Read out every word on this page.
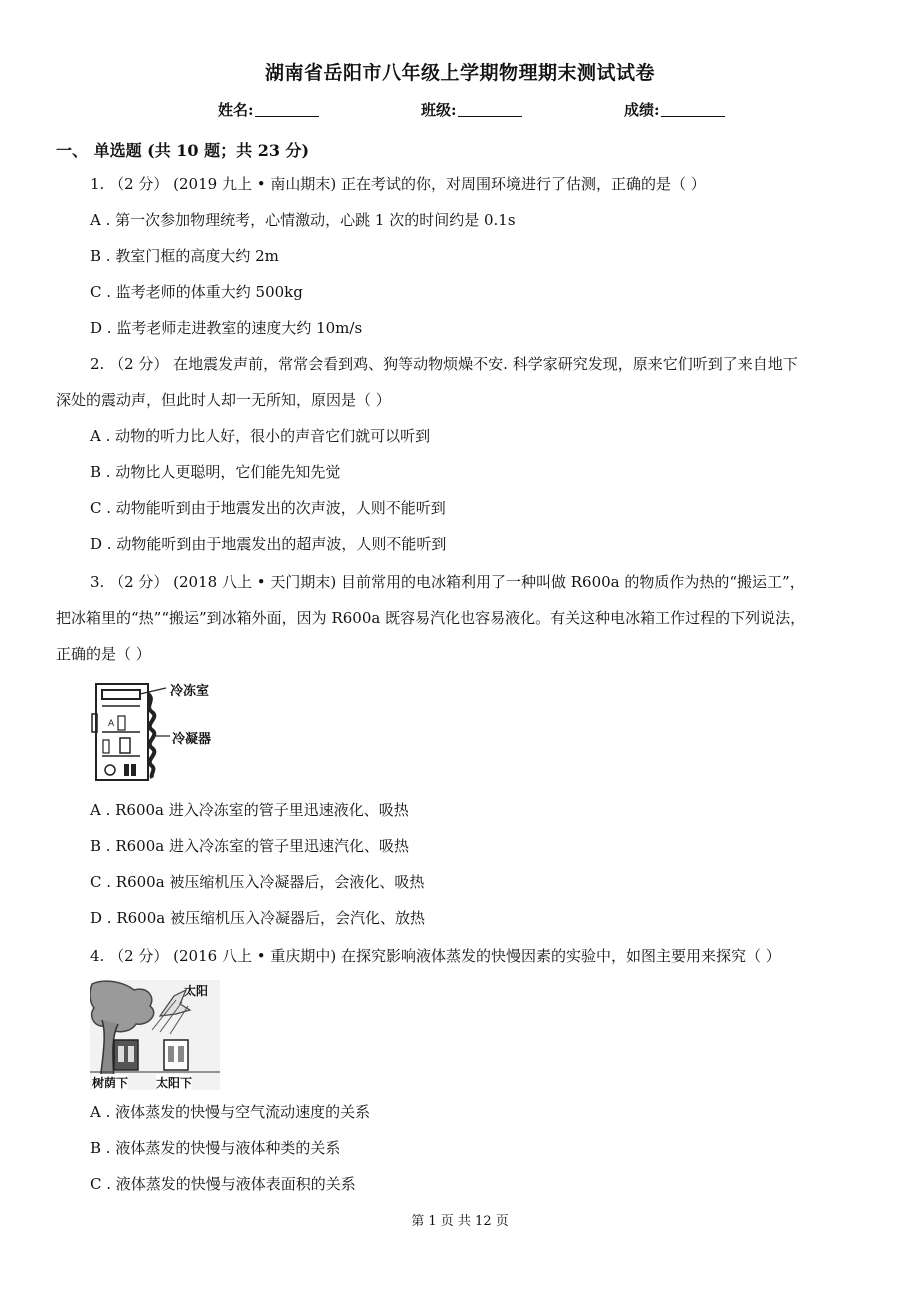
湖南省岳阳市八年级上学期物理期末测试试卷
姓名:	班级:	成绩:
一、 单选题 (共 10 题；共 23 分)
1. （2 分） (2019 九上 • 南山期末) 正在考试的你，对周围环境进行了估测，正确的是（ ）
A . 第一次参加物理统考，心情激动，心跳 1 次的时间约是 0.1s
B . 教室门框的高度大约 2m
C . 监考老师的体重大约 500kg
D . 监考老师走进教室的速度大约 10m/s
2. （2 分） 在地震发声前，常常会看到鸡、狗等动物烦燥不安. 科学家研究发现，原来它们听到了来自地下
深处的震动声，但此时人却一无所知，原因是（ ）
A . 动物的听力比人好，很小的声音它们就可以听到
B . 动物比人更聪明，它们能先知先觉
C . 动物能听到由于地震发出的次声波，人则不能听到
D . 动物能听到由于地震发出的超声波，人则不能听到
3. （2 分） (2018 八上 • 天门期末) 目前常用的电冰箱利用了一种叫做 R600a 的物质作为热的“搬运工”，
把冰箱里的“热”“搬运”到冰箱外面，因为 R600a 既容易汽化也容易液化。有关这种电冰箱工作过程的下列说法，
正确的是（ ）
A
冷冻室
冷凝器
A . R600a 进入冷冻室的管子里迅速液化、吸热
B . R600a 进入冷冻室的管子里迅速汽化、吸热
C . R600a 被压缩机压入冷凝器后，会液化、吸热
D . R600a 被压缩机压入冷凝器后，会汽化、放热
4. （2 分） (2016 八上 • 重庆期中) 在探究影响液体蒸发的快慢因素的实验中，如图主要用来探究（ ）
太阳
树荫下 太阳下
A . 液体蒸发的快慢与空气流动速度的关系
B . 液体蒸发的快慢与液体种类的关系
C . 液体蒸发的快慢与液体表面积的关系
第 1 页 共 12 页
